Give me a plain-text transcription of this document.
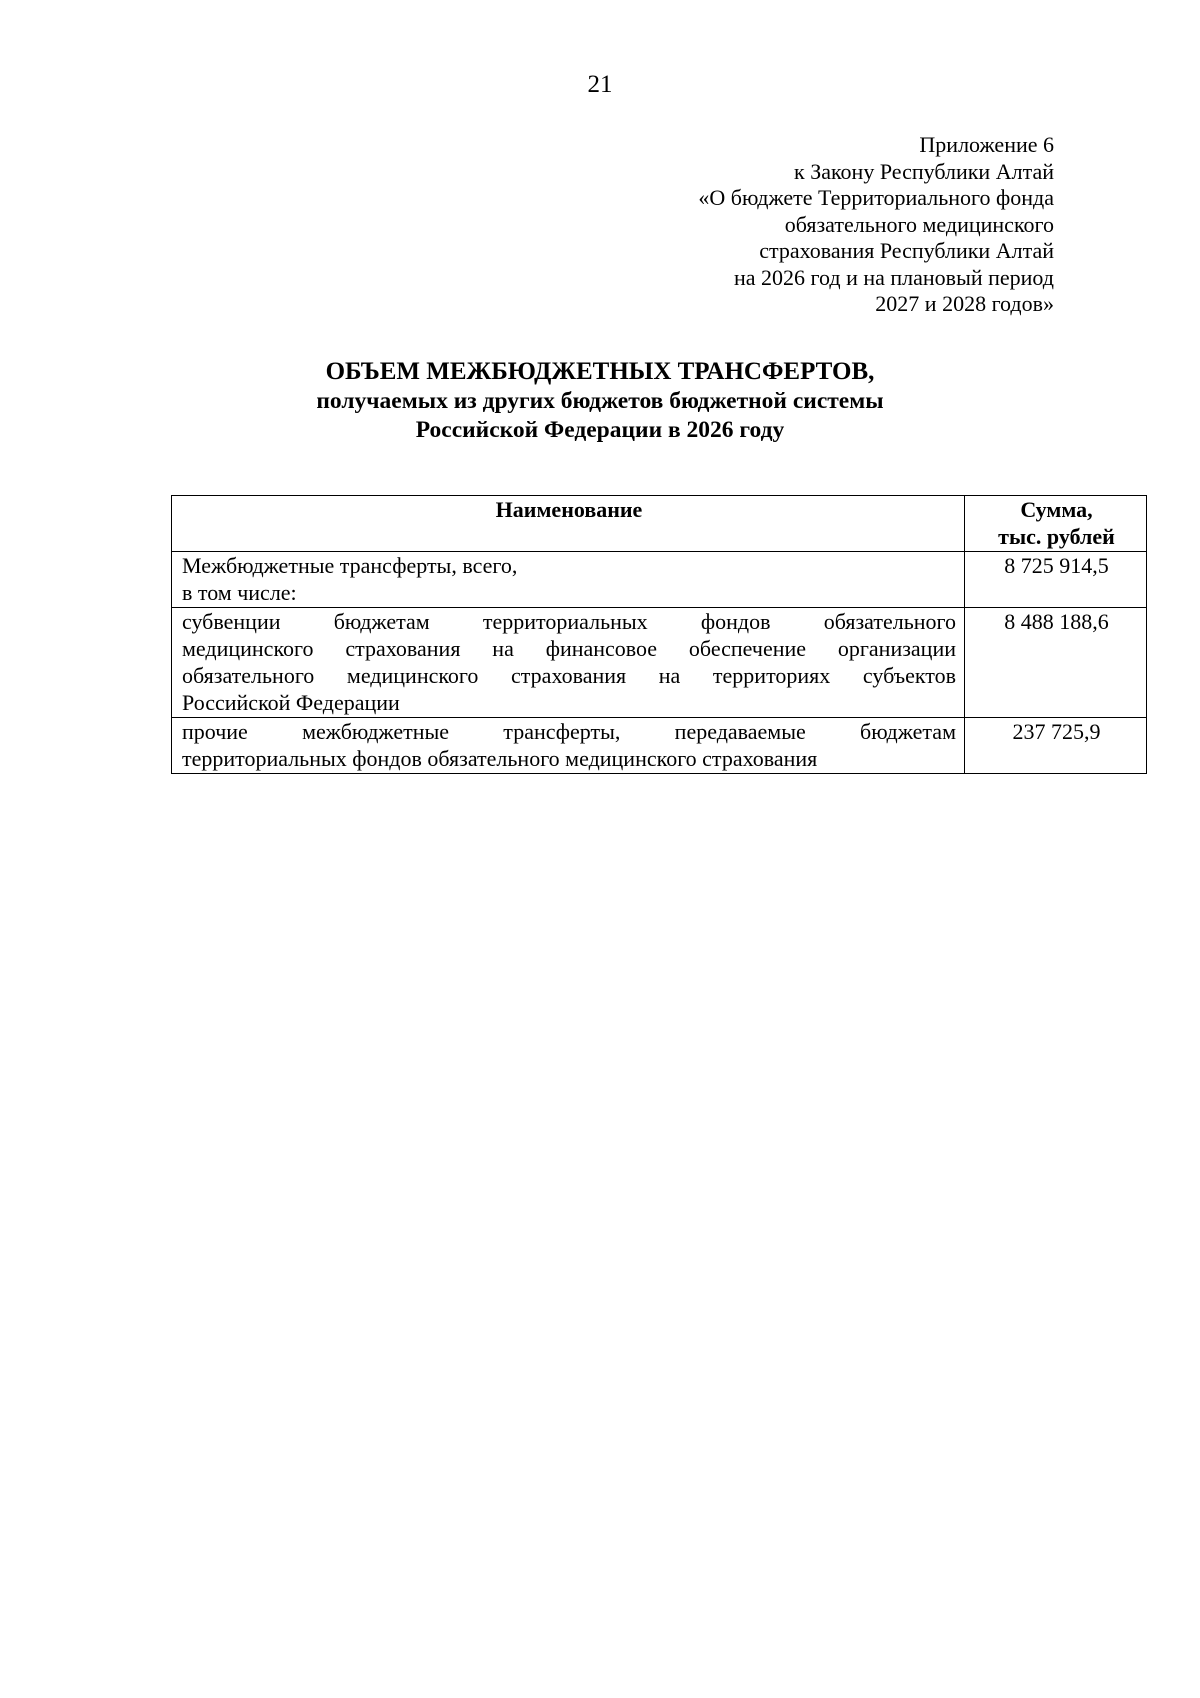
21
Приложение 6
к Закону Республики Алтай
«О бюджете Территориального фонда
обязательного медицинского
страхования Республики Алтай
на 2026 год и на плановый период
2027 и 2028 годов»
ОБЪЕМ МЕЖБЮДЖЕТНЫХ ТРАНСФЕРТОВ,
получаемых из других бюджетов бюджетной системы
Российской Федерации в 2026 году
Наименование	Сумма,
тыс. рублей

Межбюджетные трансферты, всего,
в том числе:	8 725 914,5

субвенции бюджетам территориальных фондов обязательного
медицинского страхования на финансовое обеспечение организации
обязательного медицинского страхования на территориях субъектов
Российской Федерации	8 488 188,6

прочие межбюджетные трансферты, передаваемые бюджетам
территориальных фондов обязательного медицинского страхования	237 725,9
